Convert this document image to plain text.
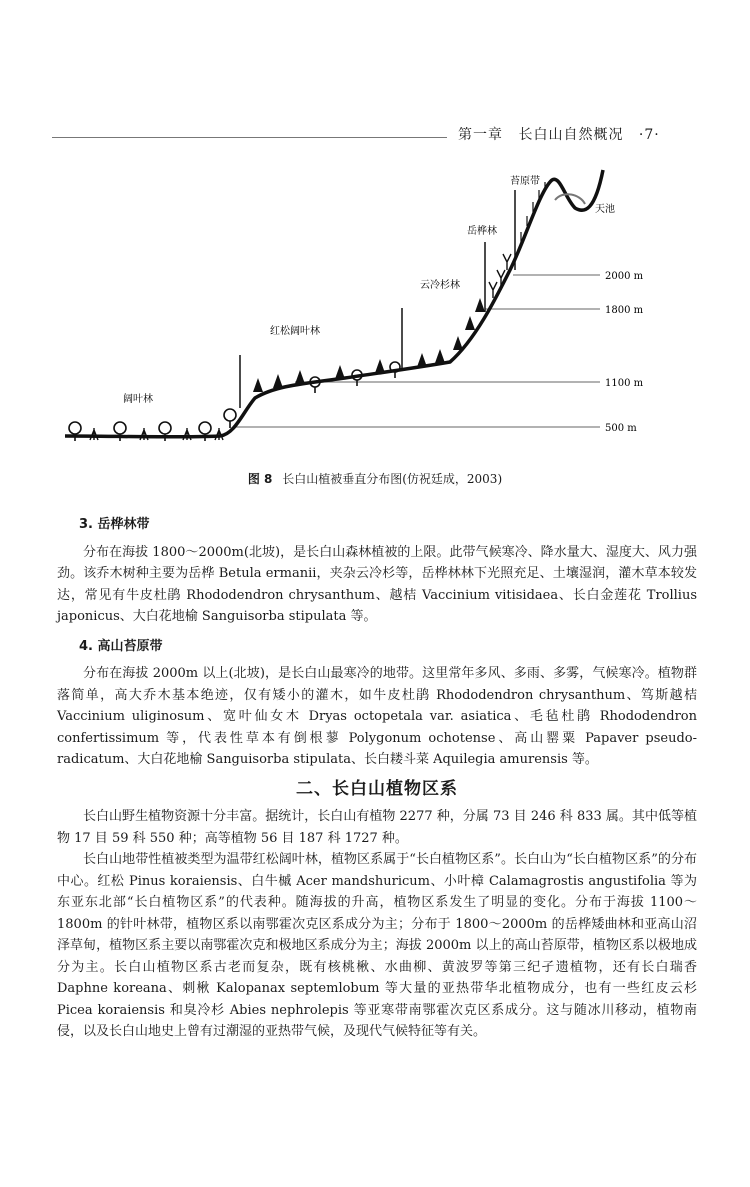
第一章 长白山自然概况 ·7·
2000 m
1800 m
1100 m
500 m
阔叶林
红松阔叶林
云冷杉林
岳桦林
苔原带
天池
图 8 长白山植被垂直分布图(仿祝廷成，2003)
3. 岳桦林带

分布在海拔 1800～2000m(北坡)，是长白山森林植被的上限。此带气候寒冷、降水量大、湿度大、风力强劲。该乔木树种主要为岳桦 Betula ermanii，夹杂云冷杉等，岳桦林林下光照充足、土壤湿润，灌木草本较发达，常见有牛皮杜鹃 Rhododendron chrysanthum、越桔 Vaccinium vitisidaea、长白金莲花 Trollius japonicus、大白花地榆 Sanguisorba stipulata 等。

4. 高山苔原带

分布在海拔 2000m 以上(北坡)，是长白山最寒冷的地带。这里常年多风、多雨、多雾，气候寒冷。植物群落简单，高大乔木基本绝迹，仅有矮小的灌木，如牛皮杜鹃 Rhododendron chrysanthum、笃斯越桔 Vaccinium uliginosum、宽叶仙女木 Dryas octopetala var. asiatica、毛毡杜鹃 Rhododendron confertissimum 等，代表性草本有倒根蓼 Polygonum ochotense、高山罂粟 Papaver pseudo-radicatum、大白花地榆 Sanguisorba stipulata、长白耧斗菜 Aquilegia amurensis 等。

二、长白山植物区系

长白山野生植物资源十分丰富。据统计，长白山有植物 2277 种，分属 73 目 246 科 833 属。其中低等植物 17 目 59 科 550 种；高等植物 56 目 187 科 1727 种。

长白山地带性植被类型为温带红松阔叶林，植物区系属于“长白植物区系”。长白山为“长白植物区系”的分布中心。红松 Pinus koraiensis、白牛槭 Acer mandshuricum、小叶樟 Calamagrostis angustifolia 等为东亚东北部“长白植物区系”的代表种。随海拔的升高，植物区系发生了明显的变化。分布于海拔 1100～1800m 的针叶林带，植物区系以南鄂霍次克区系成分为主；分布于 1800～2000m 的岳桦矮曲林和亚高山沼泽草甸，植物区系主要以南鄂霍次克和极地区系成分为主；海拔 2000m 以上的高山苔原带，植物区系以极地成分为主。长白山植物区系古老而复杂，既有核桃楸、水曲柳、黄波罗等第三纪孑遗植物，还有长白瑞香 Daphne koreana、刺楸 Kalopanax septemlobum 等大量的亚热带华北植物成分，也有一些红皮云杉 Picea koraiensis 和臭冷杉 Abies nephrolepis 等亚寒带南鄂霍次克区系成分。这与随冰川移动，植物南侵，以及长白山地史上曾有过潮湿的亚热带气候，及现代气候特征等有关。
